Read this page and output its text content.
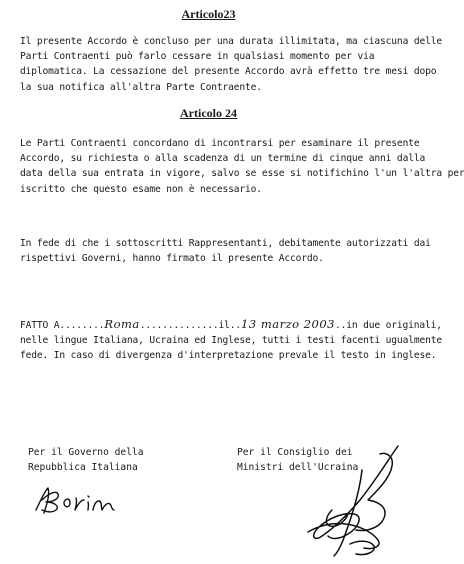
Articolo23
Il presente Accordo è concluso per una durata illimitata, ma ciascuna delle
Parti Contraenti può farlo cessare in qualsiasi momento per via
diplomatica. La cessazione del presente Accordo avrà effetto tre mesi dopo
la sua notifica all'altra Parte Contraente.
Articolo 24
Le Parti Contraenti concordano di incontrarsi per esaminare il presente
Accordo, su richiesta o alla scadenza di un termine di cinque anni dalla
data della sua entrata in vigore, salvo se esse si notifichino l'un l'altra per
iscritto che questo esame non è necessario.
In fede di che i sottoscritti Rappresentanti, debitamente autorizzati dai
rispettivi Governi, hanno firmato il presente Accordo.
FATTO A........Roma..............il..13 marzo 2003..in due originali,
nelle lingue Italiana, Ucraina ed Inglese, tutti i testi facenti ugualmente
fede. In caso di divergenza d'interpretazione prevale il testo in inglese.
Per il Governo della
Repubblica Italiana
Per il Consiglio dei
Ministri dell'Ucraina
